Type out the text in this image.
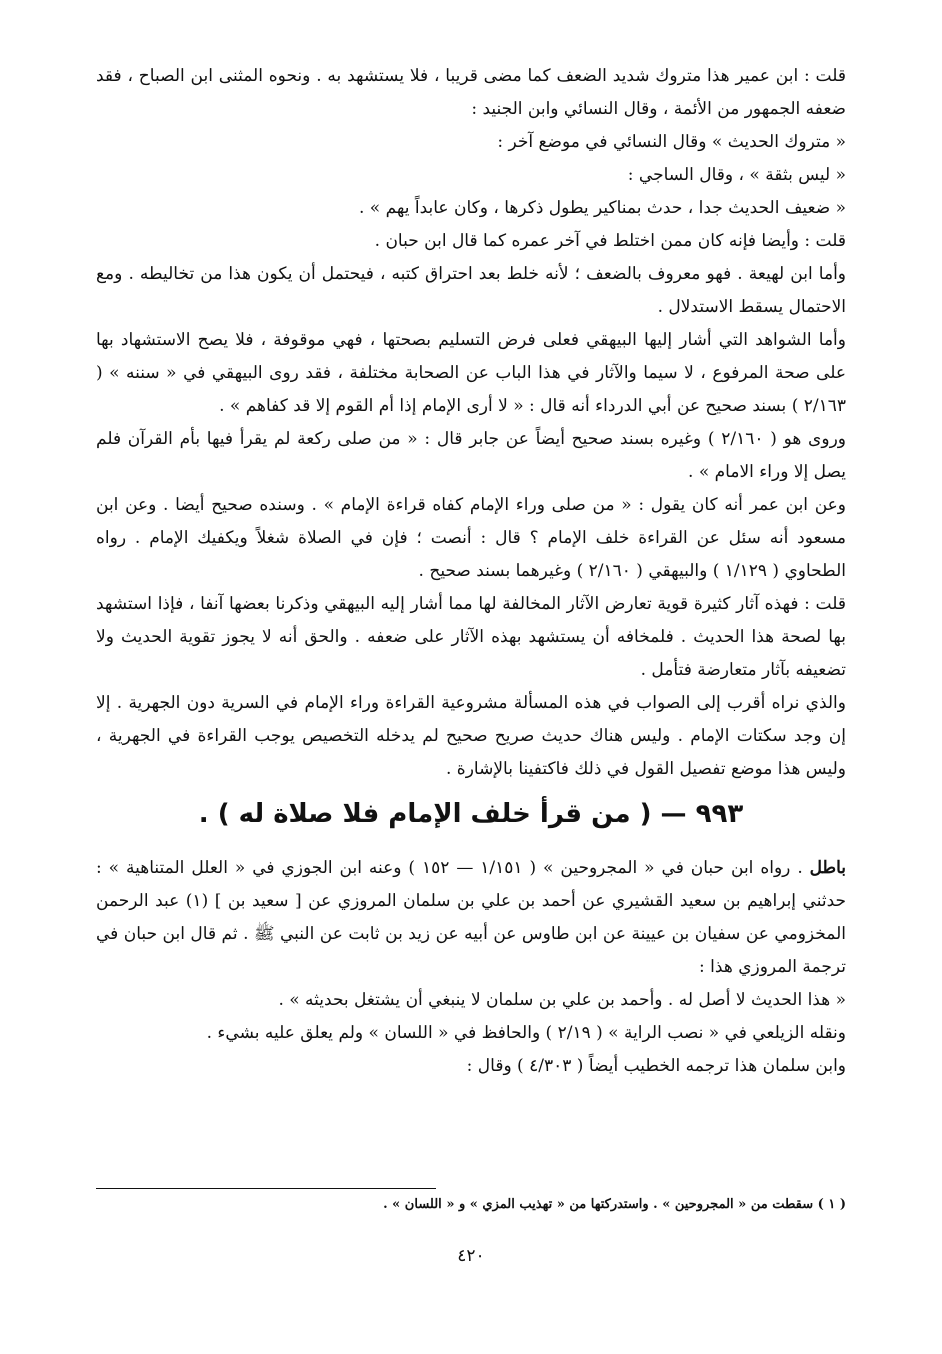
قلت : ابن عمير هذا متروك شديد الضعف كما مضى قريبا ، فلا يستشهد به . ونحوه المثنى ابن الصباح ، فقد ضعفه الجمهور من الأئمة ، وقال النسائي وابن الجنيد :

« متروك الحديث » وقال النسائي في موضع آخر :

« ليس بثقة » ، وقال الساجي :

« ضعيف الحديث جدا ، حدث بمناكير يطول ذكرها ، وكان عابداً يهم » .

قلت : وأيضا فإنه كان ممن اختلط في آخر عمره كما قال ابن حبان .

وأما ابن لهيعة . فهو معروف بالضعف ؛ لأنه خلط بعد احتراق كتبه ، فيحتمل أن يكون هذا من تخاليطه . ومع الاحتمال يسقط الاستدلال .

وأما الشواهد التي أشار إليها البيهقي فعلى فرض التسليم بصحتها ، فهي موقوفة ، فلا يصح الاستشهاد بها على صحة المرفوع ، لا سيما والآثار في هذا الباب عن الصحابة مختلفة ، فقد روى البيهقي في « سننه » ( ٢/١٦٣ ) بسند صحيح عن أبي الدرداء أنه قال : « لا أرى الإمام إذا أم القوم إلا قد كفاهم » .

وروى هو ( ٢/١٦٠ ) وغيره بسند صحيح أيضاً عن جابر قال : « من صلى ركعة لم يقرأ فيها بأم القرآن فلم يصل إلا وراء الامام » .

وعن ابن عمر أنه كان يقول : « من صلى وراء الإمام كفاه قراءة الإمام » . وسنده صحيح أيضا . وعن ابن مسعود أنه سئل عن القراءة خلف الإمام ؟ قال : أنصت ؛ فإن في الصلاة شغلاً ويكفيك الإمام . رواه الطحاوي ( ١/١٢٩ ) والبيهقي ( ٢/١٦٠ ) وغيرهما بسند صحيح .

قلت : فهذه آثار كثيرة قوية تعارض الآثار المخالفة لها مما أشار إليه البيهقي وذكرنا بعضها آنفا ، فإذا استشهد بها لصحة هذا الحديث . فلمخافه أن يستشهد بهذه الآثار على ضعفه . والحق أنه لا يجوز تقوية الحديث ولا تضعيفه بآثار متعارضة فتأمل .

والذي نراه أقرب إلى الصواب في هذه المسألة مشروعية القراءة وراء الإمام في السرية دون الجهرية . إلا إن وجد سكتات الإمام . وليس هناك حديث صريح صحيح لم يدخله التخصيص يوجب القراءة في الجهرية ، وليس هذا موضع تفصيل القول في ذلك فاكتفينا بالإشارة .

٩٩٣ — ( من قرأ خلف الإمام فلا صلاة له ) .

باطل . رواه ابن حبان في « المجروحين » ( ١/١٥١ — ١٥٢ ) وعنه ابن الجوزي في « العلل المتناهية » : حدثني إبراهيم بن سعيد القشيري عن أحمد بن علي بن سلمان المروزي عن [ سعيد بن ] (١) عبد الرحمن المخزومي عن سفيان بن عيينة عن ابن طاوس عن أبيه عن زيد بن ثابت عن النبي ﷺ . ثم قال ابن حبان في ترجمة المروزي هذا :

« هذا الحديث لا أصل له . وأحمد بن علي بن سلمان لا ينبغي أن يشتغل بحديثه » .

ونقله الزيلعي في « نصب الراية » ( ٢/١٩ ) والحافظ في « اللسان » ولم يعلق عليه بشيء .

وابن سلمان هذا ترجمه الخطيب أيضاً ( ٤/٣٠٣ ) وقال :

( ١ ) سقطت من « المجروحين » . واستدركتها من « تهذيب المزي » و « اللسان » .
٤٢٠
